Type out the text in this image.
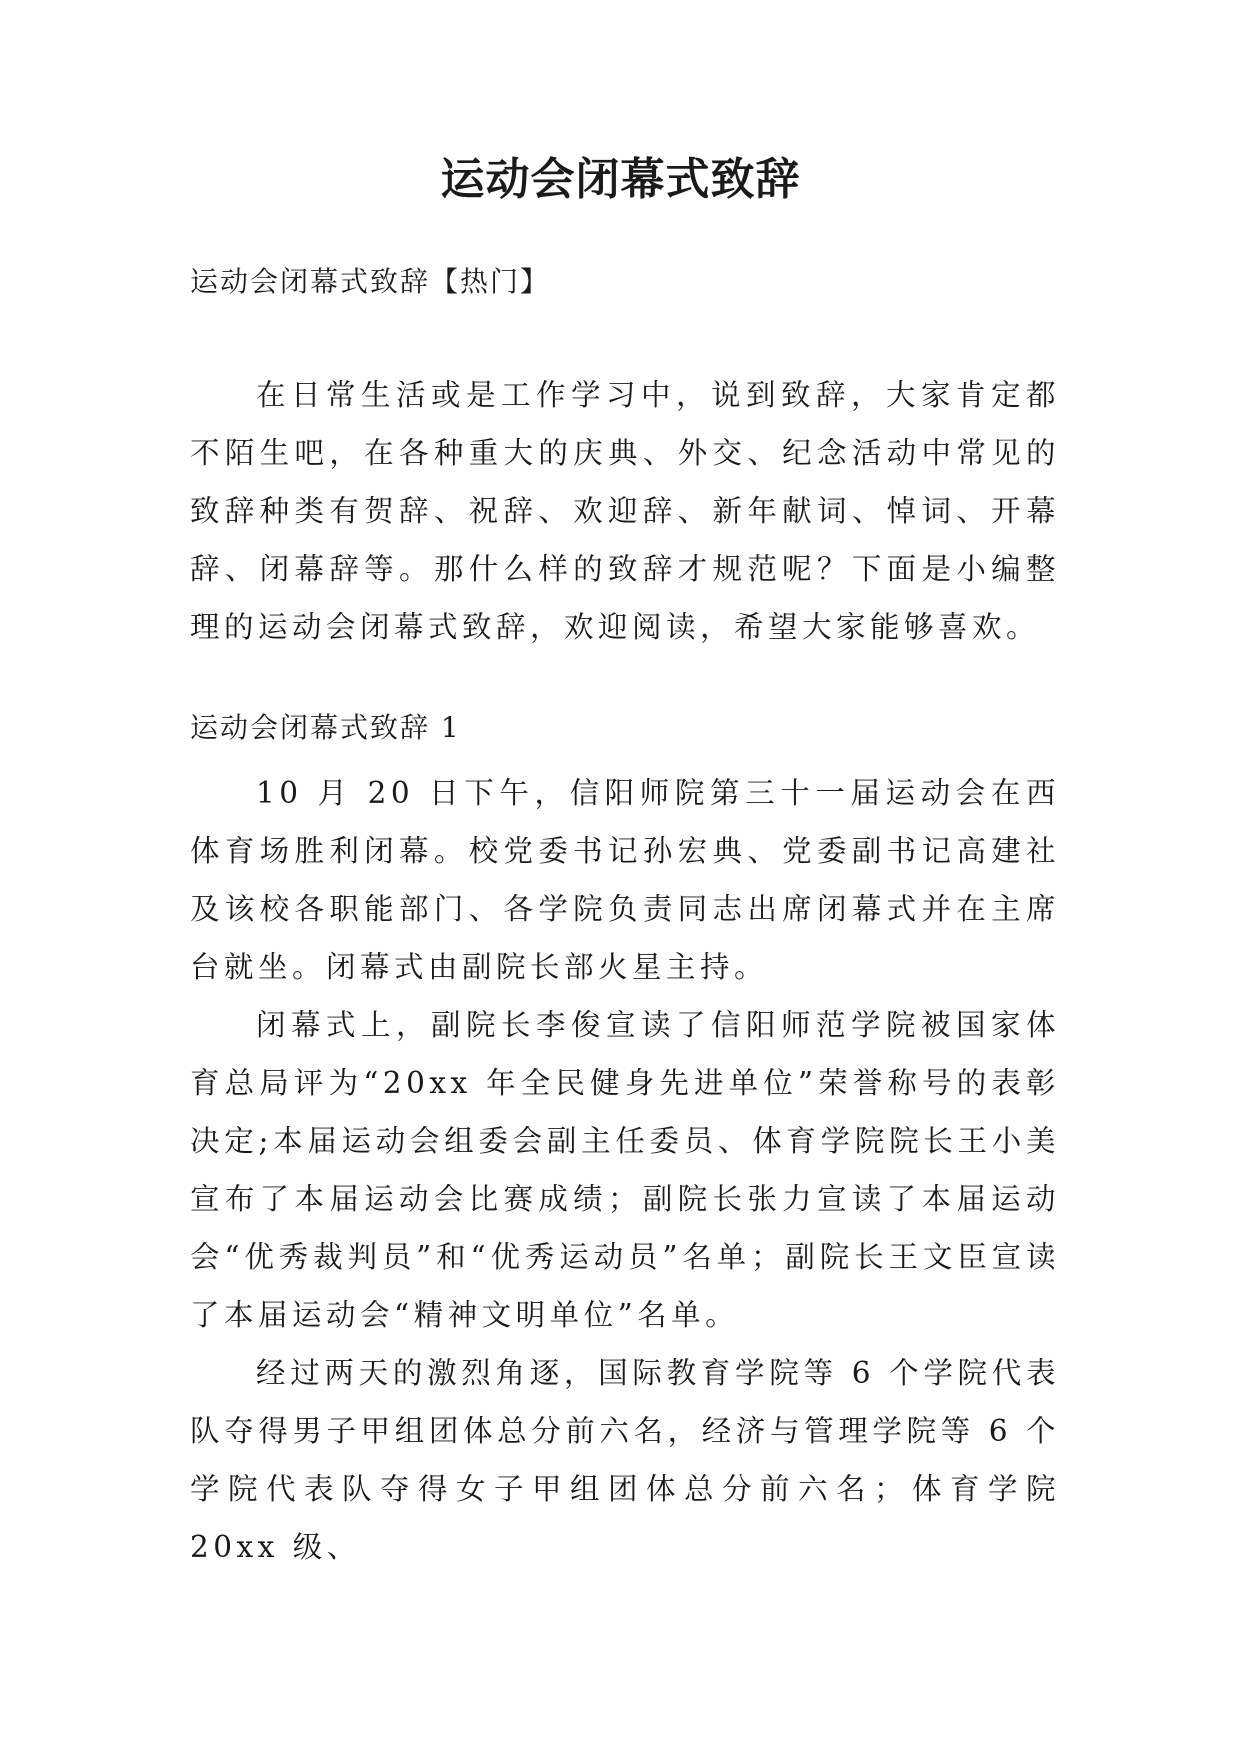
运动会闭幕式致辞
运动会闭幕式致辞【热门】

在日常生活或是工作学习中，说到致辞，大家肯定都不陌生吧，在各种重大的庆典、外交、纪念活动中常见的致辞种类有贺辞、祝辞、欢迎辞、新年献词、悼词、开幕辞、闭幕辞等。那什么样的致辞才规范呢？下面是小编整理的运动会闭幕式致辞，欢迎阅读，希望大家能够喜欢。

运动会闭幕式致辞 1

10 月 20 日下午，信阳师院第三十一届运动会在西体育场胜利闭幕。校党委书记孙宏典、党委副书记高建社及该校各职能部门、各学院负责同志出席闭幕式并在主席台就坐。闭幕式由副院长部火星主持。

闭幕式上，副院长李俊宣读了信阳师范学院被国家体育总局评为“20xx 年全民健身先进单位”荣誉称号的表彰决定;本届运动会组委会副主任委员、体育学院院长王小美宣布了本届运动会比赛成绩；副院长张力宣读了本届运动会“优秀裁判员”和“优秀运动员”名单；副院长王文臣宣读了本届运动会“精神文明单位”名单。

经过两天的激烈角逐，国际教育学院等 6 个学院代表队夺得男子甲组团体总分前六名，经济与管理学院等 6 个学院代表队夺得女子甲组团体总分前六名；体育学院 20xx 级、
